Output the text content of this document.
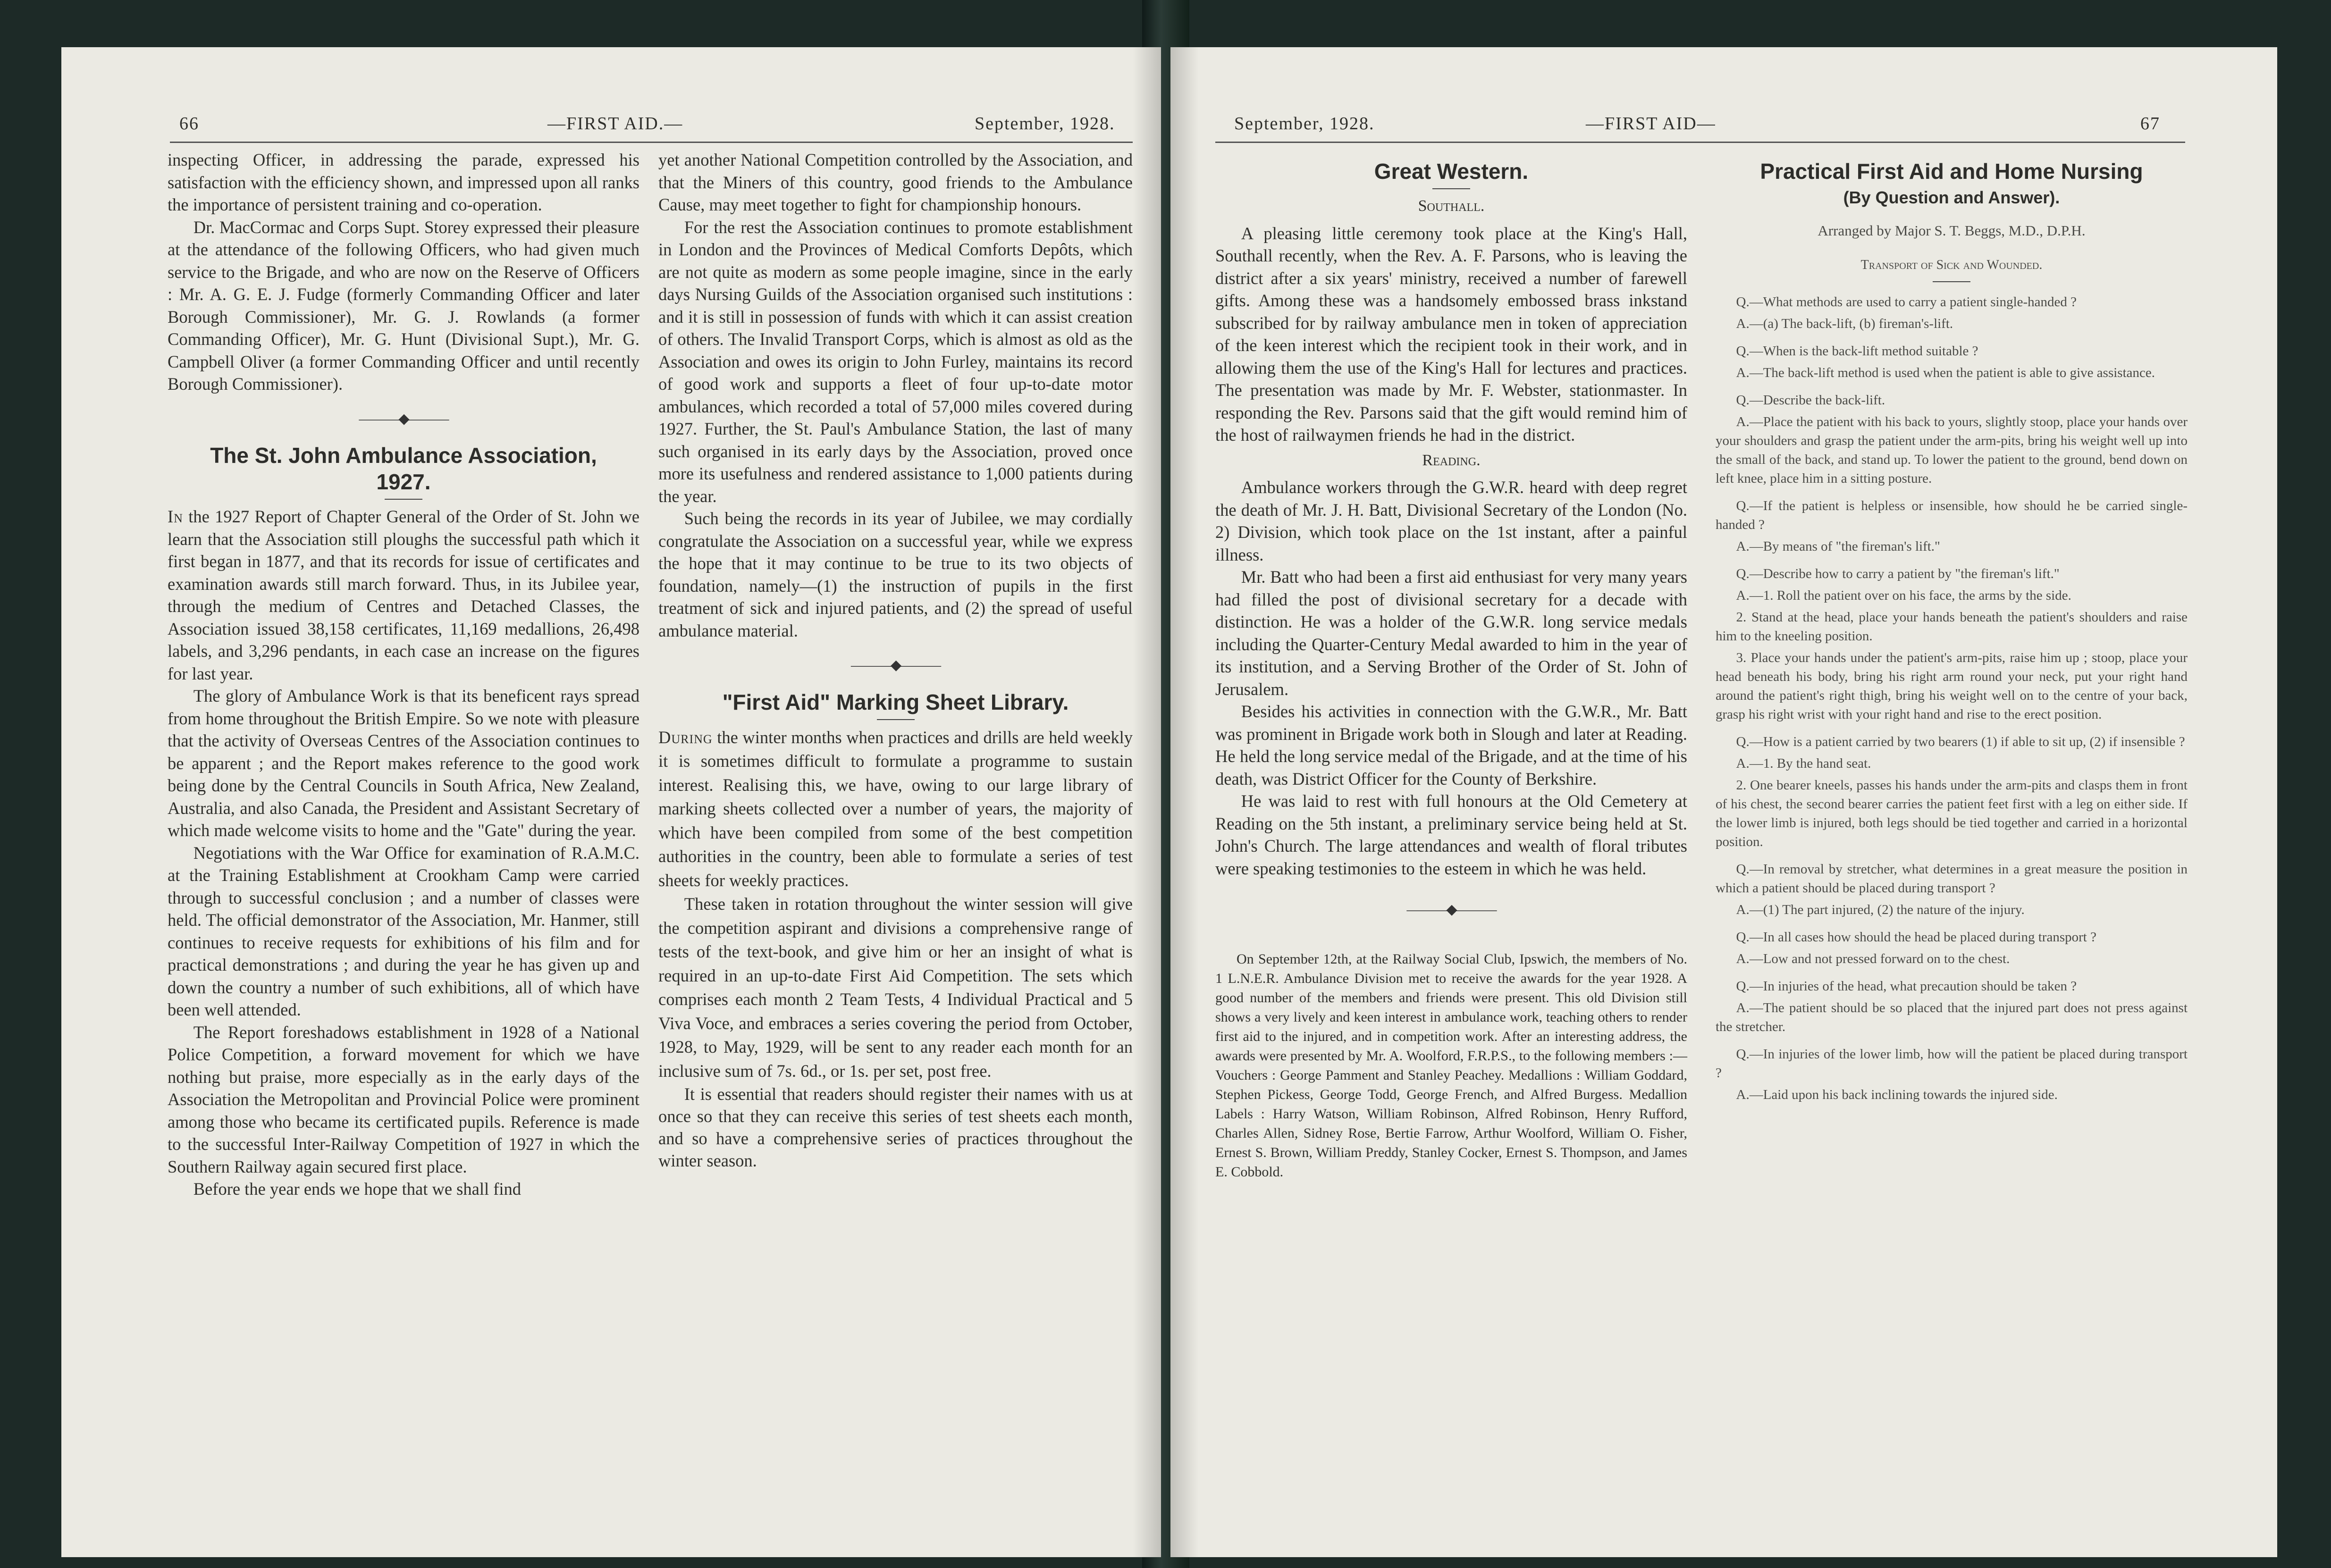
66	—FIRST AID.—	September, 1928.

inspecting Officer, in addressing the parade, expressed his satisfaction with the efficiency shown, and impressed upon all ranks the importance of persistent training and co-operation.

Dr. MacCormac and Corps Supt. Storey expressed their pleasure at the attendance of the following Officers, who had given much service to the Brigade, and who are now on the Reserve of Officers : Mr. A. G. E. J. Fudge (formerly Commanding Officer and later Borough Commissioner), Mr. G. J. Rowlands (a former Commanding Officer), Mr. G. Hunt (Divisional Supt.), Mr. G. Campbell Oliver (a former Commanding Officer and until recently Borough Commissioner).

———◆———
The St. John Ambulance Association,
1927.

In the 1927 Report of Chapter General of the Order of St. John we learn that the Association still ploughs the successful path which it first began in 1877, and that its records for issue of certificates and examination awards still march forward. Thus, in its Jubilee year, through the medium of Centres and Detached Classes, the Association issued 38,158 certificates, 11,169 medallions, 26,498 labels, and 3,296 pendants, in each case an increase on the figures for last year.

The glory of Ambulance Work is that its beneficent rays spread from home throughout the British Empire. So we note with pleasure that the activity of Overseas Centres of the Association continues to be apparent ; and the Report makes reference to the good work being done by the Central Councils in South Africa, New Zealand, Australia, and also Canada, the President and Assistant Secretary of which made welcome visits to home and the "Gate" during the year.

Negotiations with the War Office for examination of R.A.M.C. at the Training Establishment at Crookham Camp were carried through to successful conclusion ; and a number of classes were held. The official demonstrator of the Association, Mr. Hanmer, still continues to receive requests for exhibitions of his film and for practical demonstrations ; and during the year he has given up and down the country a number of such exhibitions, all of which have been well attended.

The Report foreshadows establishment in 1928 of a National Police Competition, a forward movement for which we have nothing but praise, more especially as in the early days of the Association the Metropolitan and Provincial Police were prominent among those who became its certificated pupils. Reference is made to the successful Inter-Railway Competition of 1927 in which the Southern Railway again secured first place.

Before the year ends we hope that we shall find

yet another National Competition controlled by the Association, and that the Miners of this country, good friends to the Ambulance Cause, may meet together to fight for championship honours.

For the rest the Association continues to promote establishment in London and the Provinces of Medical Comforts Depôts, which are not quite as modern as some people imagine, since in the early days Nursing Guilds of the Association organised such institutions : and it is still in possession of funds with which it can assist creation of others. The Invalid Transport Corps, which is almost as old as the Association and owes its origin to John Furley, maintains its record of good work and supports a fleet of four up-to-date motor ambulances, which recorded a total of 57,000 miles covered during 1927. Further, the St. Paul's Ambulance Station, the last of many such organised in its early days by the Association, proved once more its usefulness and rendered assistance to 1,000 patients during the year.

Such being the records in its year of Jubilee, we may cordially congratulate the Association on a successful year, while we express the hope that it may continue to be true to its two objects of foundation, namely—(1) the instruction of pupils in the first treatment of sick and injured patients, and (2) the spread of useful ambulance material.

———◆———
"First Aid" Marking Sheet Library.

During the winter months when practices and drills are held weekly it is sometimes difficult to formulate a programme to sustain interest. Realising this, we have, owing to our large library of marking sheets collected over a number of years, the majority of which have been compiled from some of the best competition authorities in the country, been able to formulate a series of test sheets for weekly practices.

These taken in rotation throughout the winter session will give the competition aspirant and divisions a comprehensive range of tests of the text-book, and give him or her an insight of what is required in an up-to-date First Aid Competition. The sets which comprises each month 2 Team Tests, 4 Individual Practical and 5 Viva Voce, and embraces a series covering the period from October, 1928, to May, 1929, will be sent to any reader each month for an inclusive sum of 7s. 6d., or 1s. per set, post free.

It is essential that readers should register their names with us at once so that they can receive this series of test sheets each month, and so have a comprehensive series of practices throughout the winter season.

September, 1928.	—FIRST AID—	67
Great Western.
Southall.

A pleasing little ceremony took place at the King's Hall, Southall recently, when the Rev. A. F. Parsons, who is leaving the district after a six years' ministry, received a number of farewell gifts. Among these was a handsomely embossed brass inkstand subscribed for by railway ambulance men in token of appreciation of the keen interest which the recipient took in their work, and in allowing them the use of the King's Hall for lectures and practices. The presentation was made by Mr. F. Webster, stationmaster. In responding the Rev. Parsons said that the gift would remind him of the host of railwaymen friends he had in the district.

Reading.

Ambulance workers through the G.W.R. heard with deep regret the death of Mr. J. H. Batt, Divisional Secretary of the London (No. 2) Division, which took place on the 1st instant, after a painful illness.

Mr. Batt who had been a first aid enthusiast for very many years had filled the post of divisional secretary for a decade with distinction. He was a holder of the G.W.R. long service medals including the Quarter-Century Medal awarded to him in the year of its institution, and a Serving Brother of the Order of St. John of Jerusalem.

Besides his activities in connection with the G.W.R., Mr. Batt was prominent in Brigade work both in Slough and later at Reading. He held the long service medal of the Brigade, and at the time of his death, was District Officer for the County of Berkshire.

He was laid to rest with full honours at the Old Cemetery at Reading on the 5th instant, a preliminary service being held at St. John's Church. The large attendances and wealth of floral tributes were speaking testimonies to the esteem in which he was held.

———◆———

On September 12th, at the Railway Social Club, Ipswich, the members of No. 1 L.N.E.R. Ambulance Division met to receive the awards for the year 1928. A good number of the members and friends were present. This old Division still shows a very lively and keen interest in ambulance work, teaching others to render first aid to the injured, and in competition work. After an interesting address, the awards were presented by Mr. A. Woolford, F.R.P.S., to the following members :—Vouchers : George Pamment and Stanley Peachey. Medallions : William Goddard, Stephen Pickess, George Todd, George French, and Alfred Burgess. Medallion Labels : Harry Watson, William Robinson, Alfred Robinson, Henry Rufford, Charles Allen, Sidney Rose, Bertie Farrow, Arthur Woolford, William O. Fisher, Ernest S. Brown, William Preddy, Stanley Cocker, Ernest S. Thompson, and James E. Cobbold.

Practical First Aid and Home Nursing
(By Question and Answer).
Arranged by Major S. T. Beggs, M.D., D.P.H.
Transport of Sick and Wounded.

Q.—What methods are used to carry a patient single-handed ?

A.—(a) The back-lift, (b) fireman's-lift.

Q.—When is the back-lift method suitable ?

A.—The back-lift method is used when the patient is able to give assistance.

Q.—Describe the back-lift.

A.—Place the patient with his back to yours, slightly stoop, place your hands over your shoulders and grasp the patient under the arm-pits, bring his weight well up into the small of the back, and stand up. To lower the patient to the ground, bend down on left knee, place him in a sitting posture.

Q.—If the patient is helpless or insensible, how should he be carried single-handed ?

A.—By means of "the fireman's lift."

Q.—Describe how to carry a patient by "the fireman's lift."

A.—1. Roll the patient over on his face, the arms by the side.

2. Stand at the head, place your hands beneath the patient's shoulders and raise him to the kneeling position.

3. Place your hands under the patient's arm-pits, raise him up ; stoop, place your head beneath his body, bring his right arm round your neck, put your right hand around the patient's right thigh, bring his weight well on to the centre of your back, grasp his right wrist with your right hand and rise to the erect position.

Q.—How is a patient carried by two bearers (1) if able to sit up, (2) if insensible ?

A.—1. By the hand seat.

2. One bearer kneels, passes his hands under the arm-pits and clasps them in front of his chest, the second bearer carries the patient feet first with a leg on either side. If the lower limb is injured, both legs should be tied together and carried in a horizontal position.

Q.—In removal by stretcher, what determines in a great measure the position in which a patient should be placed during transport ?

A.—(1) The part injured, (2) the nature of the injury.

Q.—In all cases how should the head be placed during transport ?

A.—Low and not pressed forward on to the chest.

Q.—In injuries of the head, what precaution should be taken ?

A.—The patient should be so placed that the injured part does not press against the stretcher.

Q.—In injuries of the lower limb, how will the patient be placed during transport ?

A.—Laid upon his back inclining towards the injured side.
